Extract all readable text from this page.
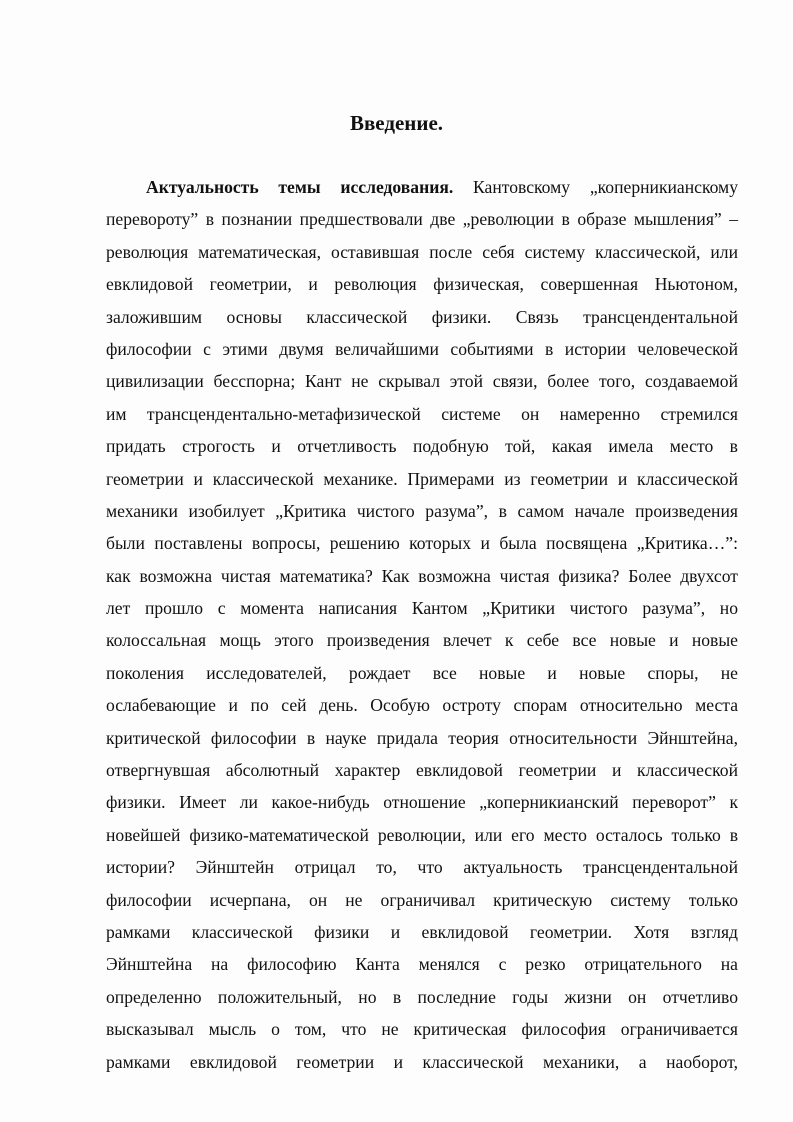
Введение.
Актуальность темы исследования. Кантовскому „коперникианскому
перевороту” в познании предшествовали две „революции в образе мышления” –
революция математическая, оставившая после себя систему классической, или
евклидовой геометрии, и революция физическая, совершенная Ньютоном,
заложившим основы классической физики. Связь трансцендентальной
философии с этими двумя величайшими событиями в истории человеческой
цивилизации бесспорна; Кант не скрывал этой связи, более того, создаваемой
им трансцендентально-метафизической системе он намеренно стремился
придать строгость и отчетливость подобную той, какая имела место в
геометрии и классической механике. Примерами из геометрии и классической
механики изобилует „Критика чистого разума”, в самом начале произведения
были поставлены вопросы, решению которых и была посвящена „Критика…”:
как возможна чистая математика? Как возможна чистая физика? Более двухсот
лет прошло с момента написания Кантом „Критики чистого разума”, но
колоссальная мощь этого произведения влечет к себе все новые и новые
поколения исследователей, рождает все новые и новые споры, не
ослабевающие и по сей день. Особую остроту спорам относительно места
критической философии в науке придала теория относительности Эйнштейна,
отвергнувшая абсолютный характер евклидовой геометрии и классической
физики. Имеет ли какое-нибудь отношение „коперникианский переворот” к
новейшей физико-математической революции, или его место осталось только в
истории? Эйнштейн отрицал то, что актуальность трансцендентальной
философии исчерпана, он не ограничивал критическую систему только
рамками классической физики и евклидовой геометрии. Хотя взгляд
Эйнштейна на философию Канта менялся с резко отрицательного на
определенно положительный, но в последние годы жизни он отчетливо
высказывал мысль о том, что не критическая философия ограничивается
рамками евклидовой геометрии и классической механики, а наоборот,
